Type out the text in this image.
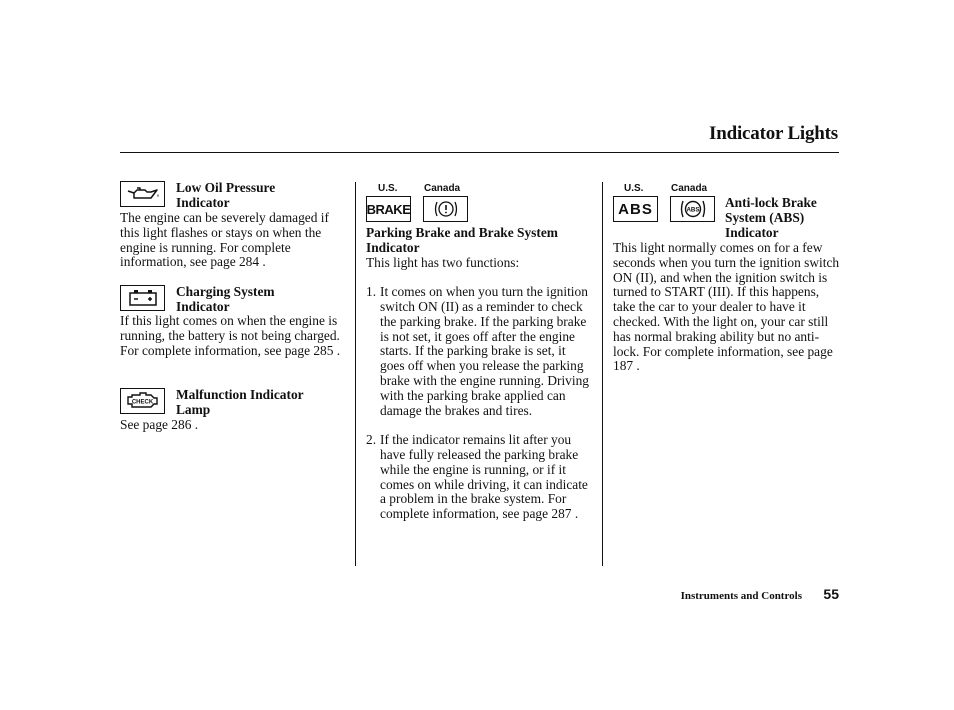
Indicator Lights
Low Oil Pressure
Indicator
The engine can be severely damaged if this light flashes or stays on when the engine is running. For complete information, see page 284 .
Charging System
Indicator
If this light comes on when the engine is running, the battery is not being charged. For complete information, see page 285 .
CHECK
Malfunction Indicator
Lamp
See page 286 .
U.S.	Canada
BRAKE

Parking Brake and Brake System
Indicator

This light has two functions:

1. It comes on when you turn the ignition switch ON (II) as a reminder to check the parking brake. If the parking brake is not set, it goes off after the engine starts. If the parking brake is set, it goes off when you release the parking brake with the engine running. Driving with the parking brake applied can damage the brakes and tires.
2. If the indicator remains lit after you have fully released the parking brake while the engine is running, or if it comes on while driving, it can indicate a problem in the brake system. For complete information, see page 287 .
U.S.	Canada
ABS	ABS Anti-lock Brake
System (ABS)
Indicator
This light normally comes on for a few seconds when you turn the ignition switch ON (II), and when the ignition switch is turned to START (III). If this happens, take the car to your dealer to have it checked. With the light on, your car still has normal braking ability but no anti-lock. For complete information, see page 187 .
Instruments and Controls 55
